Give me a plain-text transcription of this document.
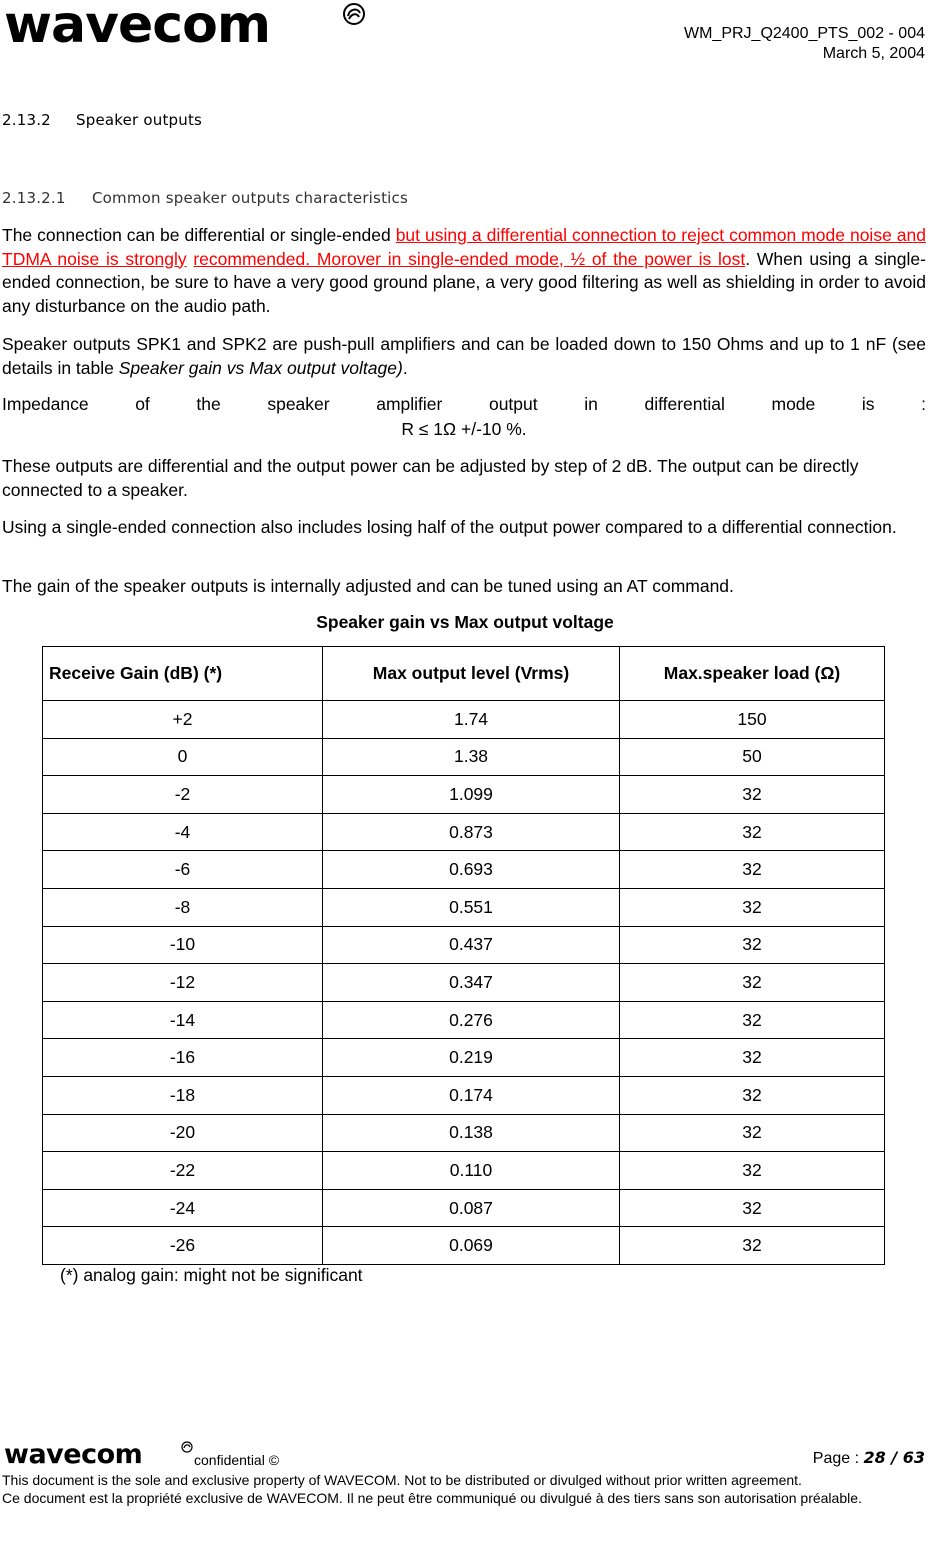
wavecom	WM_PRJ_Q2400_PTS_002 - 004
March 5, 2004
2.13.2 Speaker outputs
2.13.2.1 Common speaker outputs characteristics
The connection can be differential or single-ended but using a differential connection to reject common mode noise and TDMA noise is strongly recommended. Morover in single-ended mode, ½ of the power is lost. When using a single-ended connection, be sure to have a very good ground plane, a very good filtering as well as shielding in order to avoid any disturbance on the audio path.
Speaker outputs SPK1 and SPK2 are push-pull amplifiers and can be loaded down to 150 Ohms and up to 1 nF (see details in table Speaker gain vs Max output voltage).
Impedance of the speaker amplifier output in differential mode is :
R ≤ 1Ω +/-10 %.
These outputs are differential and the output power can be adjusted by step of 2 dB. The output can be directly connected to a speaker.
Using a single-ended connection also includes losing half of the output power compared to a differential connection.
The gain of the speaker outputs is internally adjusted and can be tuned using an AT command.
Speaker gain vs Max output voltage
Receive Gain (dB) (*)	Max output level (Vrms)	Max.speaker load (Ω)
+2	1.74	150
0	1.38	50
-2	1.099	32
-4	0.873	32
-6	0.693	32
-8	0.551	32
-10	0.437	32
-12	0.347	32
-14	0.276	32
-16	0.219	32
-18	0.174	32
-20	0.138	32
-22	0.110	32
-24	0.087	32
-26	0.069	32
(*) analog gain: might not be significant
wavecom	confidential ©	Page : 28 / 63

This document is the sole and exclusive property of WAVECOM. Not to be distributed or divulged without prior written agreement.

Ce document est la propriété exclusive de WAVECOM. Il ne peut être communiqué ou divulgué à des tiers sans son autorisation préalable.
